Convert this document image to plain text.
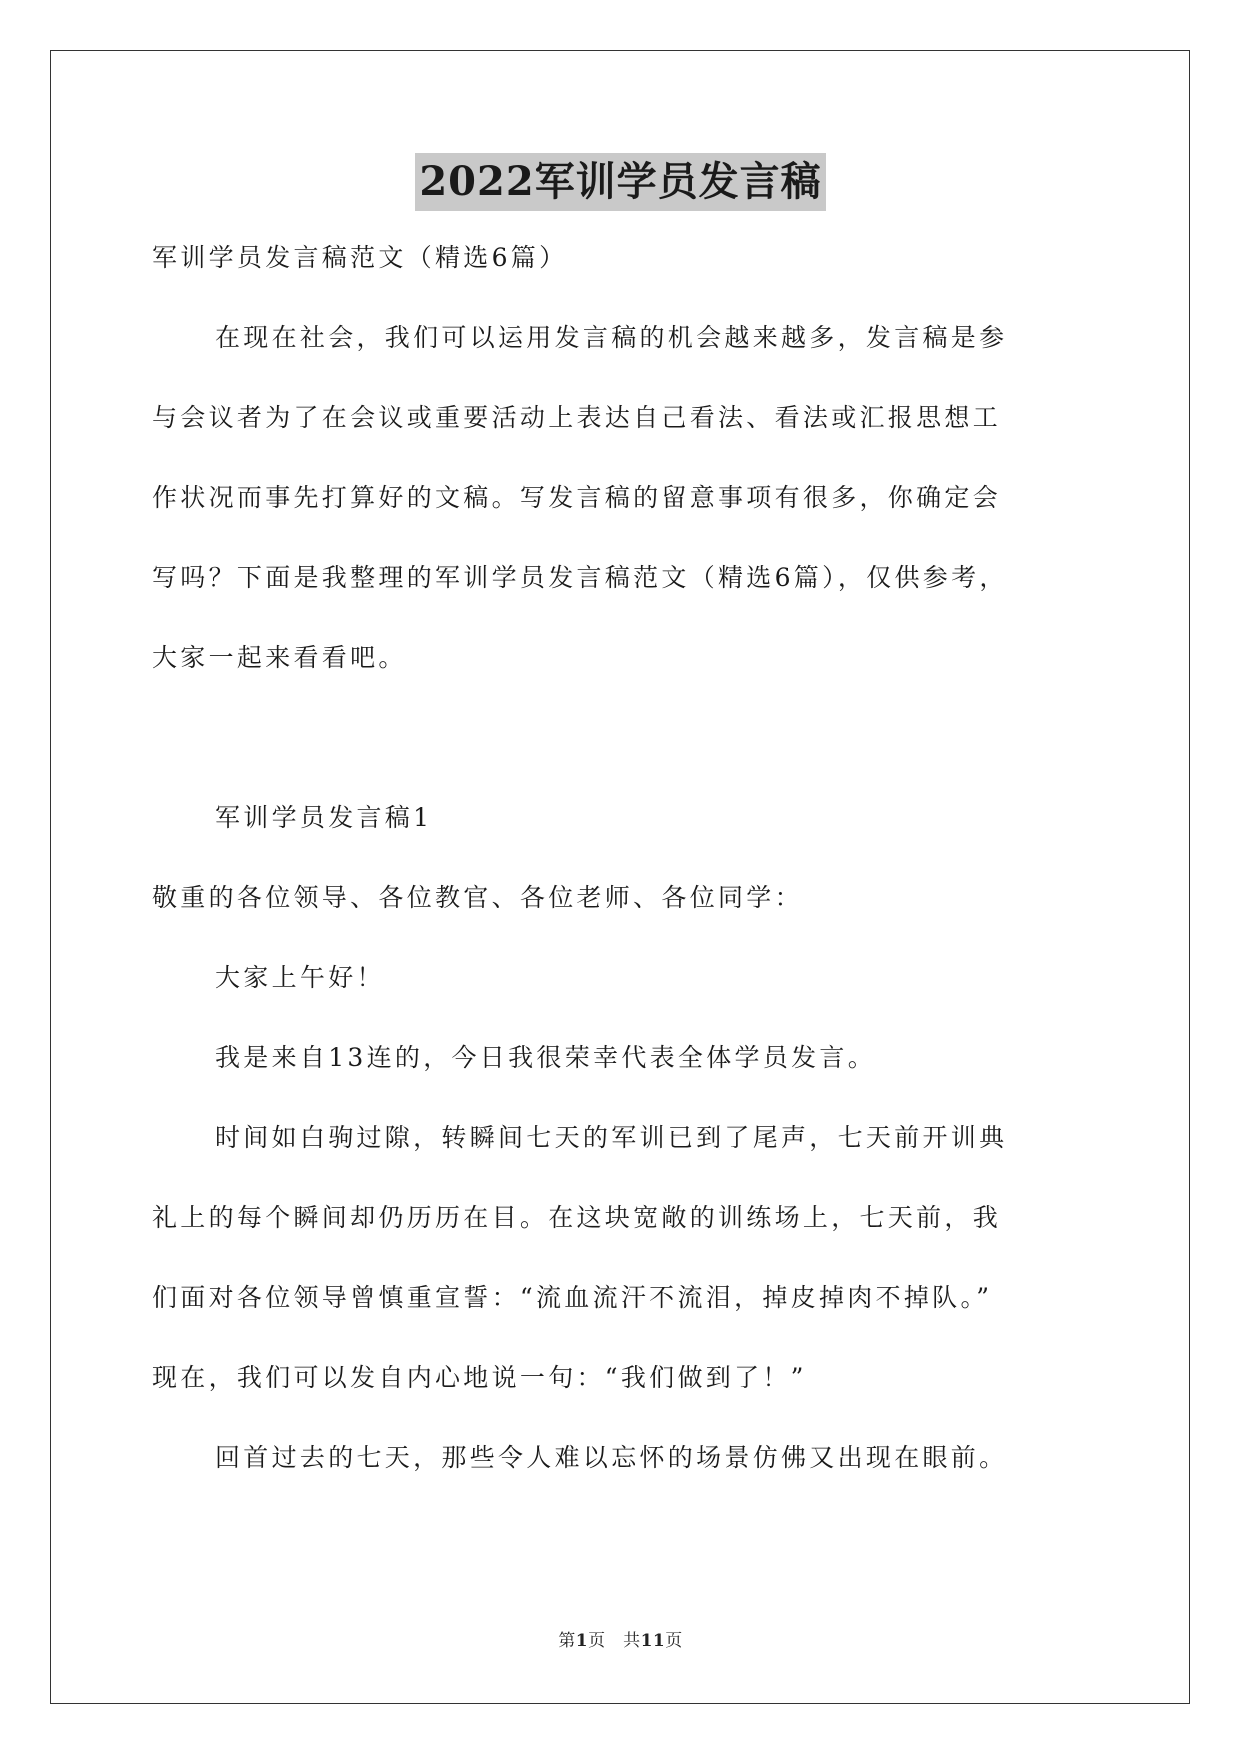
2022军训学员发言稿
军训学员发言稿范文（精选6篇）
在现在社会，我们可以运用发言稿的机会越来越多，发言稿是参
与会议者为了在会议或重要活动上表达自己看法、看法或汇报思想工
作状况而事先打算好的文稿。写发言稿的留意事项有很多，你确定会
写吗？下面是我整理的军训学员发言稿范文（精选6篇），仅供参考，
大家一起来看看吧。
军训学员发言稿1
敬重的各位领导、各位教官、各位老师、各位同学：
大家上午好！
我是来自13连的，今日我很荣幸代表全体学员发言。
时间如白驹过隙，转瞬间七天的军训已到了尾声，七天前开训典
礼上的每个瞬间却仍历历在目。在这块宽敞的训练场上，七天前，我
们面对各位领导曾慎重宣誓：“流血流汗不流泪，掉皮掉肉不掉队。”
现在，我们可以发自内心地说一句：“我们做到了！”
回首过去的七天，那些令人难以忘怀的场景仿佛又出现在眼前。
第1页　共11页
